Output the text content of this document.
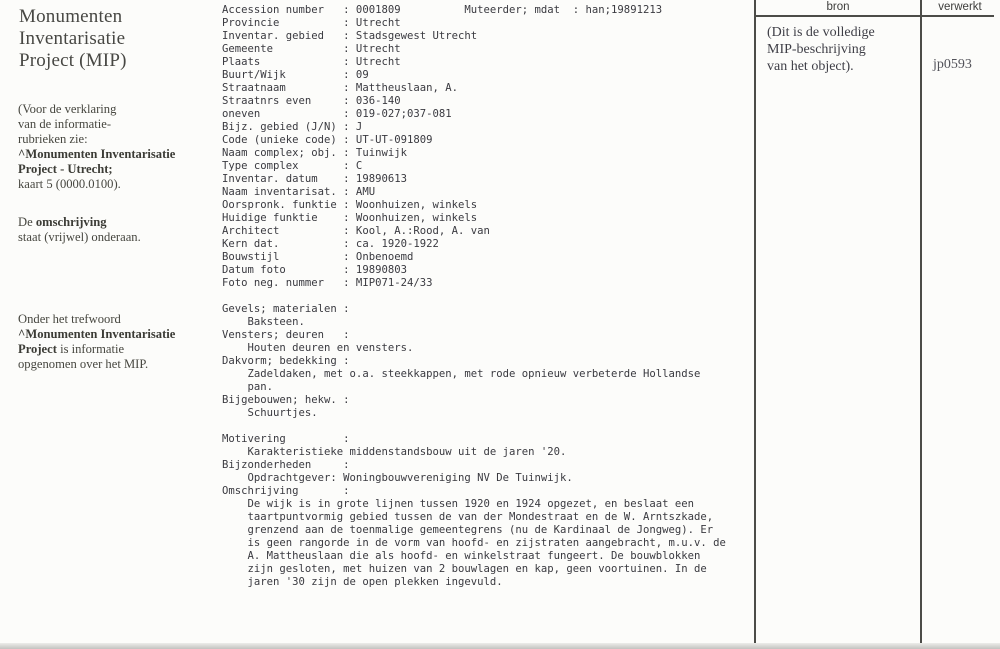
Monumenten
Inventarisatie
Project (MIP)
(Voor de verklaring
van de informatie-
rubrieken zie:
^Monumenten Inventarisatie
Project - Utrecht;
kaart 5 (0000.0100).
De omschrijving
staat (vrijwel) onderaan.
Onder het trefwoord
^Monumenten Inventarisatie
Project is informatie
opgenomen over het MIP.
Accession number   : 0001809          Muteerder; mdat  : han;19891213
Provincie          : Utrecht
Inventar. gebied   : Stadsgewest Utrecht
Gemeente           : Utrecht
Plaats             : Utrecht
Buurt/Wijk         : 09
Straatnaam         : Mattheuslaan, A.
Straatnrs even     : 036-140
oneven             : 019-027;037-081
Bijz. gebied (J/N) : J
Code (unieke code) : UT-UT-091809
Naam complex; obj. : Tuinwijk
Type complex       : C
Inventar. datum    : 19890613
Naam inventarisat. : AMU
Oorspronk. funktie : Woonhuizen, winkels
Huidige funktie    : Woonhuizen, winkels
Architect          : Kool, A.:Rood, A. van
Kern dat.          : ca. 1920-1922
Bouwstijl          : Onbenoemd
Datum foto         : 19890803
Foto neg. nummer   : MIP071-24/33

Gevels; materialen :
Baksteen.
Vensters; deuren   :
Houten deuren en vensters.
Dakvorm; bedekking :
Zadeldaken, met o.a. steekkappen, met rode opnieuw verbeterde Hollandse
pan.
Bijgebouwen; hekw. :
Schuurtjes.

Motivering         :
Karakteristieke middenstandsbouw uit de jaren '20.
Bijzonderheden     :
Opdrachtgever: Woningbouwvereniging NV De Tuinwijk.
Omschrijving       :
De wijk is in grote lijnen tussen 1920 en 1924 opgezet, en beslaat een
taartpuntvormig gebied tussen de van der Mondestraat en de W. Arntszkade,
grenzend aan de toenmalige gemeentegrens (nu de Kardinaal de Jongweg). Er
is geen rangorde in de vorm van hoofd- en zijstraten aangebracht, m.u.v. de
A. Mattheuslaan die als hoofd- en winkelstraat fungeert. De bouwblokken
zijn gesloten, met huizen van 2 bouwlagen en kap, geen voortuinen. In de
jaren '30 zijn de open plekken ingevuld.
bron	verwerkt
(Dit is de volledige
MIP-beschrijving
van het object).	jp0593
